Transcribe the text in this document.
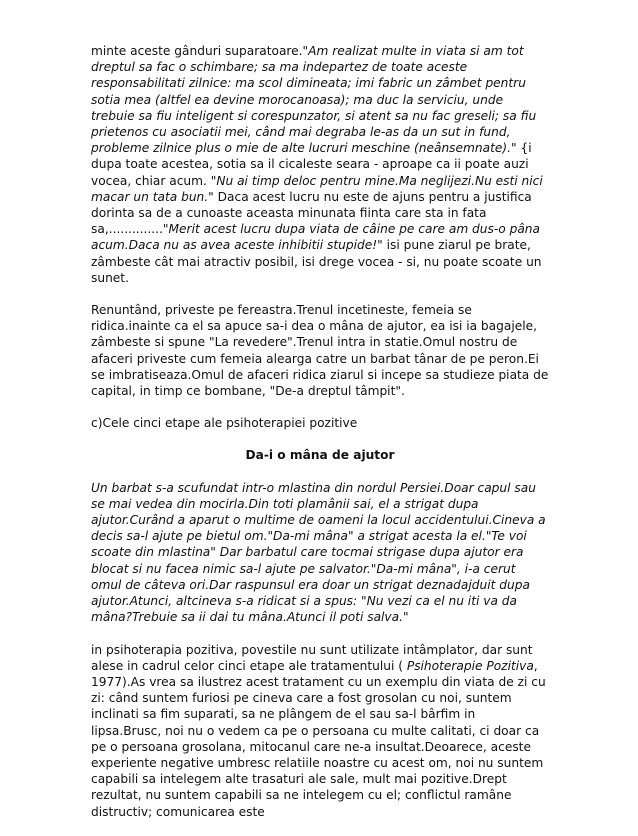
minte aceste gânduri suparatoare."Am realizat multe in viata si am tot dreptul sa fac o schimbare; sa ma indepartez de toate aceste responsabilitati zilnice: ma scol dimineata; imi fabric un zâmbet pentru sotia mea (altfel ea devine morocanoasa); ma duc la serviciu, unde trebuie sa fiu inteligent si corespunzator, si atent sa nu fac greseli; sa fiu prietenos cu asociatii mei, când mai degraba le-as da un sut in fund, probleme zilnice plus o mie de alte lucruri meschine (neânsemnate)." {i dupa toate acestea, sotia sa il cicaleste seara - aproape ca ii poate auzi vocea, chiar acum. "Nu ai timp deloc pentru mine.Ma neglijezi.Nu esti nici macar un tata bun." Daca acest lucru nu este de ajuns pentru a justifica dorinta sa de a cunoaste aceasta minunata fiinta care sta in fata sa,.............."Merit acest lucru dupa viata de câine pe care am dus-o pâna acum.Daca nu as avea aceste inhibitii stupide!" isi pune ziarul pe brate, zâmbeste cât mai atractiv posibil, isi drege vocea - si, nu poate scoate un sunet.

Renuntând, priveste pe fereastra.Trenul incetineste, femeia se ridica.inainte ca el sa apuce sa-i dea o mâna de ajutor, ea isi ia bagajele, zâmbeste si spune "La revedere".Trenul intra in statie.Omul nostru de afaceri priveste cum femeia alearga catre un barbat tânar de pe peron.Ei se imbratiseaza.Omul de afaceri ridica ziarul si incepe sa studieze piata de capital, in timp ce bombane, "De-a dreptul tâmpit".

c)Cele cinci etape ale psihoterapiei pozitive

Da-i o mâna de ajutor

Un barbat s-a scufundat intr-o mlastina din nordul Persiei.Doar capul sau se mai vedea din mocirla.Din toti plamânii sai, el a strigat dupa ajutor.Curând a aparut o multime de oameni la locul accidentului.Cineva a decis sa-l ajute pe bietul om."Da-mi mâna" a strigat acesta la el."Te voi scoate din mlastina" Dar barbatul care tocmai strigase dupa ajutor era blocat si nu facea nimic sa-l ajute pe salvator."Da-mi mâna", i-a cerut omul de câteva ori.Dar raspunsul era doar un strigat deznadajduit dupa ajutor.Atunci, altcineva s-a ridicat si a spus: "Nu vezi ca el nu iti va da mâna?Trebuie sa ii dai tu mâna.Atunci il poti salva."

in psihoterapia pozitiva, povestile nu sunt utilizate intâmplator, dar sunt alese in cadrul celor cinci etape ale tratamentului ( Psihoterapie Pozitiva, 1977).As vrea sa ilustrez acest tratament cu un exemplu din viata de zi cu zi: când suntem furiosi pe cineva care a fost grosolan cu noi, suntem inclinati sa fim suparati, sa ne plângem de el sau sa-l bârfim in lipsa.Brusc, noi nu o vedem ca pe o persoana cu multe calitati, ci doar ca pe o persoana grosolana, mitocanul care ne-a insultat.Deoarece, aceste experiente negative umbresc relatiile noastre cu acest om, noi nu suntem capabili sa intelegem alte trasaturi ale sale, mult mai pozitive.Drept rezultat, nu suntem capabili sa ne intelegem cu el; conflictul ramâne distructiv; comunicarea este
